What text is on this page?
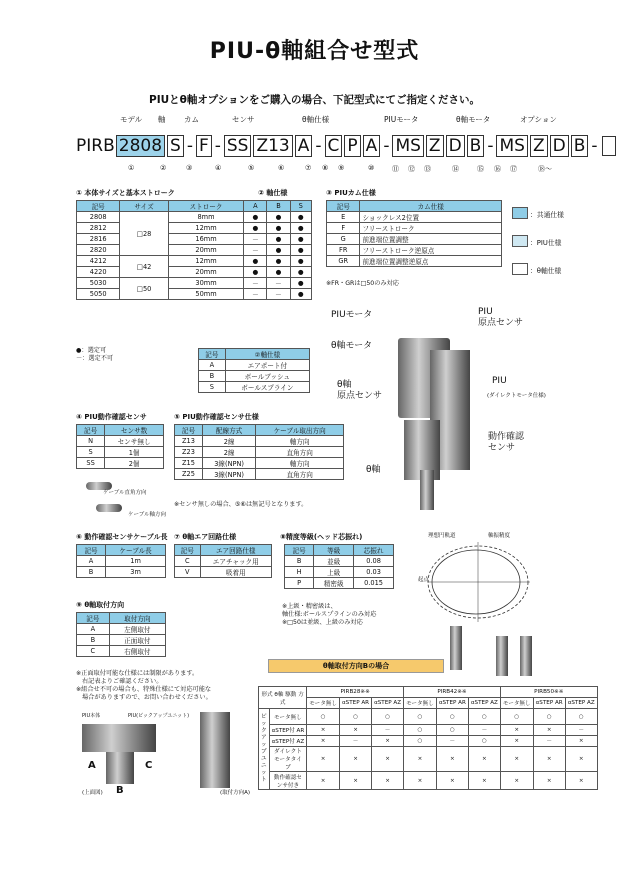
PIU-θ軸組合せ型式
PIUとθ軸オプションをご購入の場合、下記型式にてご指定ください。
モデル 軸 カム	センサ	θ軸仕様	PIUモータ	θ軸モータ	オプション
PIRB 2808 S - F - SS Z13 A - C P A - MS Z D B - MS Z D B -
①	②	③	④	⑤	⑥	⑦ ⑧ ⑨	⑩	⑪ ⑫ ⑬	⑭	⑮ ⑯ ⑰	⑱～
① 本体サイズと基本ストローク	② 軸仕様
記号	サイズ	ストローク	A	B	S
2808	□28	8mm	●	●	●
2812		12mm	●	●	●
2816		16mm	－	●	●
2820		20mm	－	●	●
4212	□42	12mm	●	●	●
4220		20mm	●	●	●
5030	□50	30mm	－	－	●
5050		50mm	－	－	●
●：選定可
－：選定不可	記号	②軸仕様
A	エアポート付
B	ボールブッシュ
S	ボールスプライン
③ PIUカム仕様
記号	カム仕様
E	ショックレス2位置
F	フリーストローク
G	前進端位置調整
FR	フリーストローク逆原点
GR	前進端位置調整逆原点
※FR・GRは□50のみ対応
：共通仕様
：PIU仕様
：θ軸仕様
PIUモータ
θ軸モータ
PIU
原点センサ
θ軸
原点センサ
PIU
(ダイレクトモータ仕様)
動作確認
センサ
θ軸
④ PIU動作確認センサ
記号	センサ数
N	センサ無し
S	1個
SS	2個
ケーブル直角方向
ケーブル軸方向
⑤ PIU動作確認センサ仕様
記号	配線方式	ケーブル取出方向
Z13	2線	軸方向
Z23	2線	直角方向
Z15	3線(NPN)	軸方向
Z25	3線(NPN)	直角方向
※センサ無しの場合、⑤⑥は無記号となります。
⑥ 動作確認センサケーブル長
記号	ケーブル長
A	1m
B	3m
⑦ θ軸エア回路仕様
記号	エア回路仕様
C	エアチャック用
V	吸着用
⑧精度等級(ヘッド芯振れ)
記号	等級	芯振れ
B	並級	0.08
H	上級	0.03
P	精密級	0.015
※上級・精密級は、
軸仕様:ボールスプラインのみ対応
※□50は並級、上級のみ対応
理想円軌道	軸振精度
起点
⑨ θ軸取付方向
記号	取付方向
A	左側取付
B	正面取付
C	右側取付
※正面取付可能な仕様には制限があります。
右記表よりご確認ください。
※組合せ不可の場合も、特殊仕様にて対応可能な
場合がありますので、お問い合わせください。
PIU本体	PIU(ピックアップユニット)
A	C
B
(上面図)	(取付方向A)
θ軸取付方向Bの場合
形式 θ軸 駆動 方式		PIRB28※※			PIRB42※※			PIRB50※※		
		モータ無し	αSTEP AR	αSTEP AZ	モータ無し	αSTEP AR	αSTEP AZ	モータ無し	αSTEP AR	αSTEP AZ
ピックアップユニット	モータ無し	○	○	○	○	○	○	○	○	○
	αSTEP付 AR	×	×	－	○	○	－	×	×	－
	αSTEP付 AZ	×	－	×	○	－	○	×	－	×
	ダイレクトモータタイプ	×	×	×	×	×	×	×	×	×
	動作確認センサ付き	×	×	×	×	×	×	×	×	×
